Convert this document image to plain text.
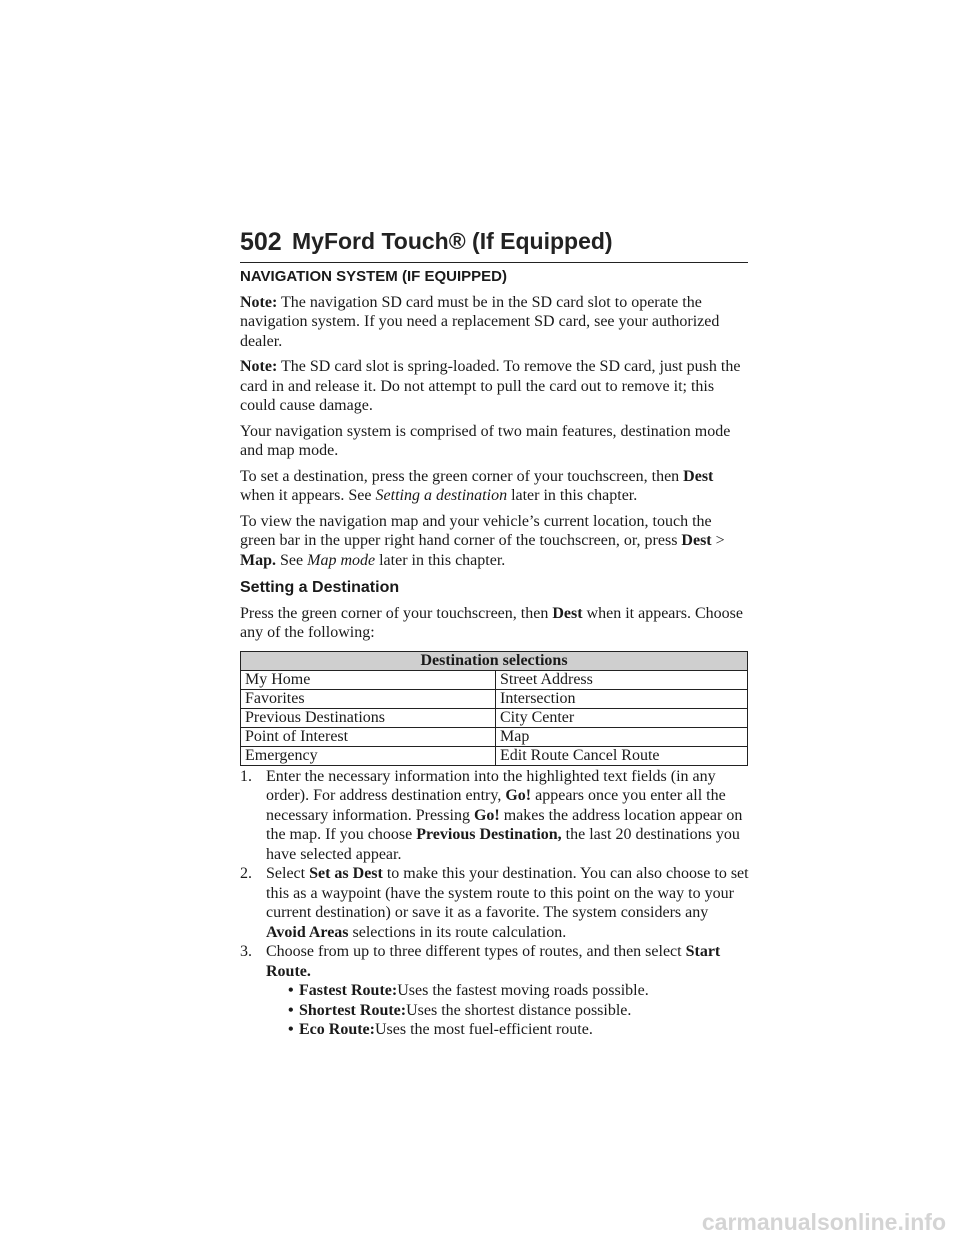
502 MyFord Touch® (If Equipped)
NAVIGATION SYSTEM (IF EQUIPPED)

Note: The navigation SD card must be in the SD card slot to operate the navigation system. If you need a replacement SD card, see your authorized dealer.

Note: The SD card slot is spring-loaded. To remove the SD card, just push the card in and release it. Do not attempt to pull the card out to remove it; this could cause damage.

Your navigation system is comprised of two main features, destination mode and map mode.

To set a destination, press the green corner of your touchscreen, then Dest when it appears. See Setting a destination later in this chapter.

To view the navigation map and your vehicle’s current location, touch the green bar in the upper right hand corner of the touchscreen, or, press Dest > Map. See Map mode later in this chapter.

Setting a Destination

Press the green corner of your touchscreen, then Dest when it appears. Choose any of the following:

Destination selections	
My Home	Street Address
Favorites	Intersection
Previous Destinations	City Center
Point of Interest	Map
Emergency	Edit Route Cancel Route
1. Enter the necessary information into the highlighted text fields (in any order). For address destination entry, Go! appears once you enter all the necessary information. Pressing Go! makes the address location appear on the map. If you choose Previous Destination, the last 20 destinations you have selected appear.
2. Select Set as Dest to make this your destination. You can also choose to set this as a waypoint (have the system route to this point on the way to your current destination) or save it as a favorite. The system considers any Avoid Areas selections in its route calculation.
3. Choose from up to three different types of routes, and then select Start Route.
• Fastest Route:Uses the fastest moving roads possible.
• Shortest Route:Uses the shortest distance possible.
• Eco Route:Uses the most fuel-efficient route.
carmanualsonline.info
